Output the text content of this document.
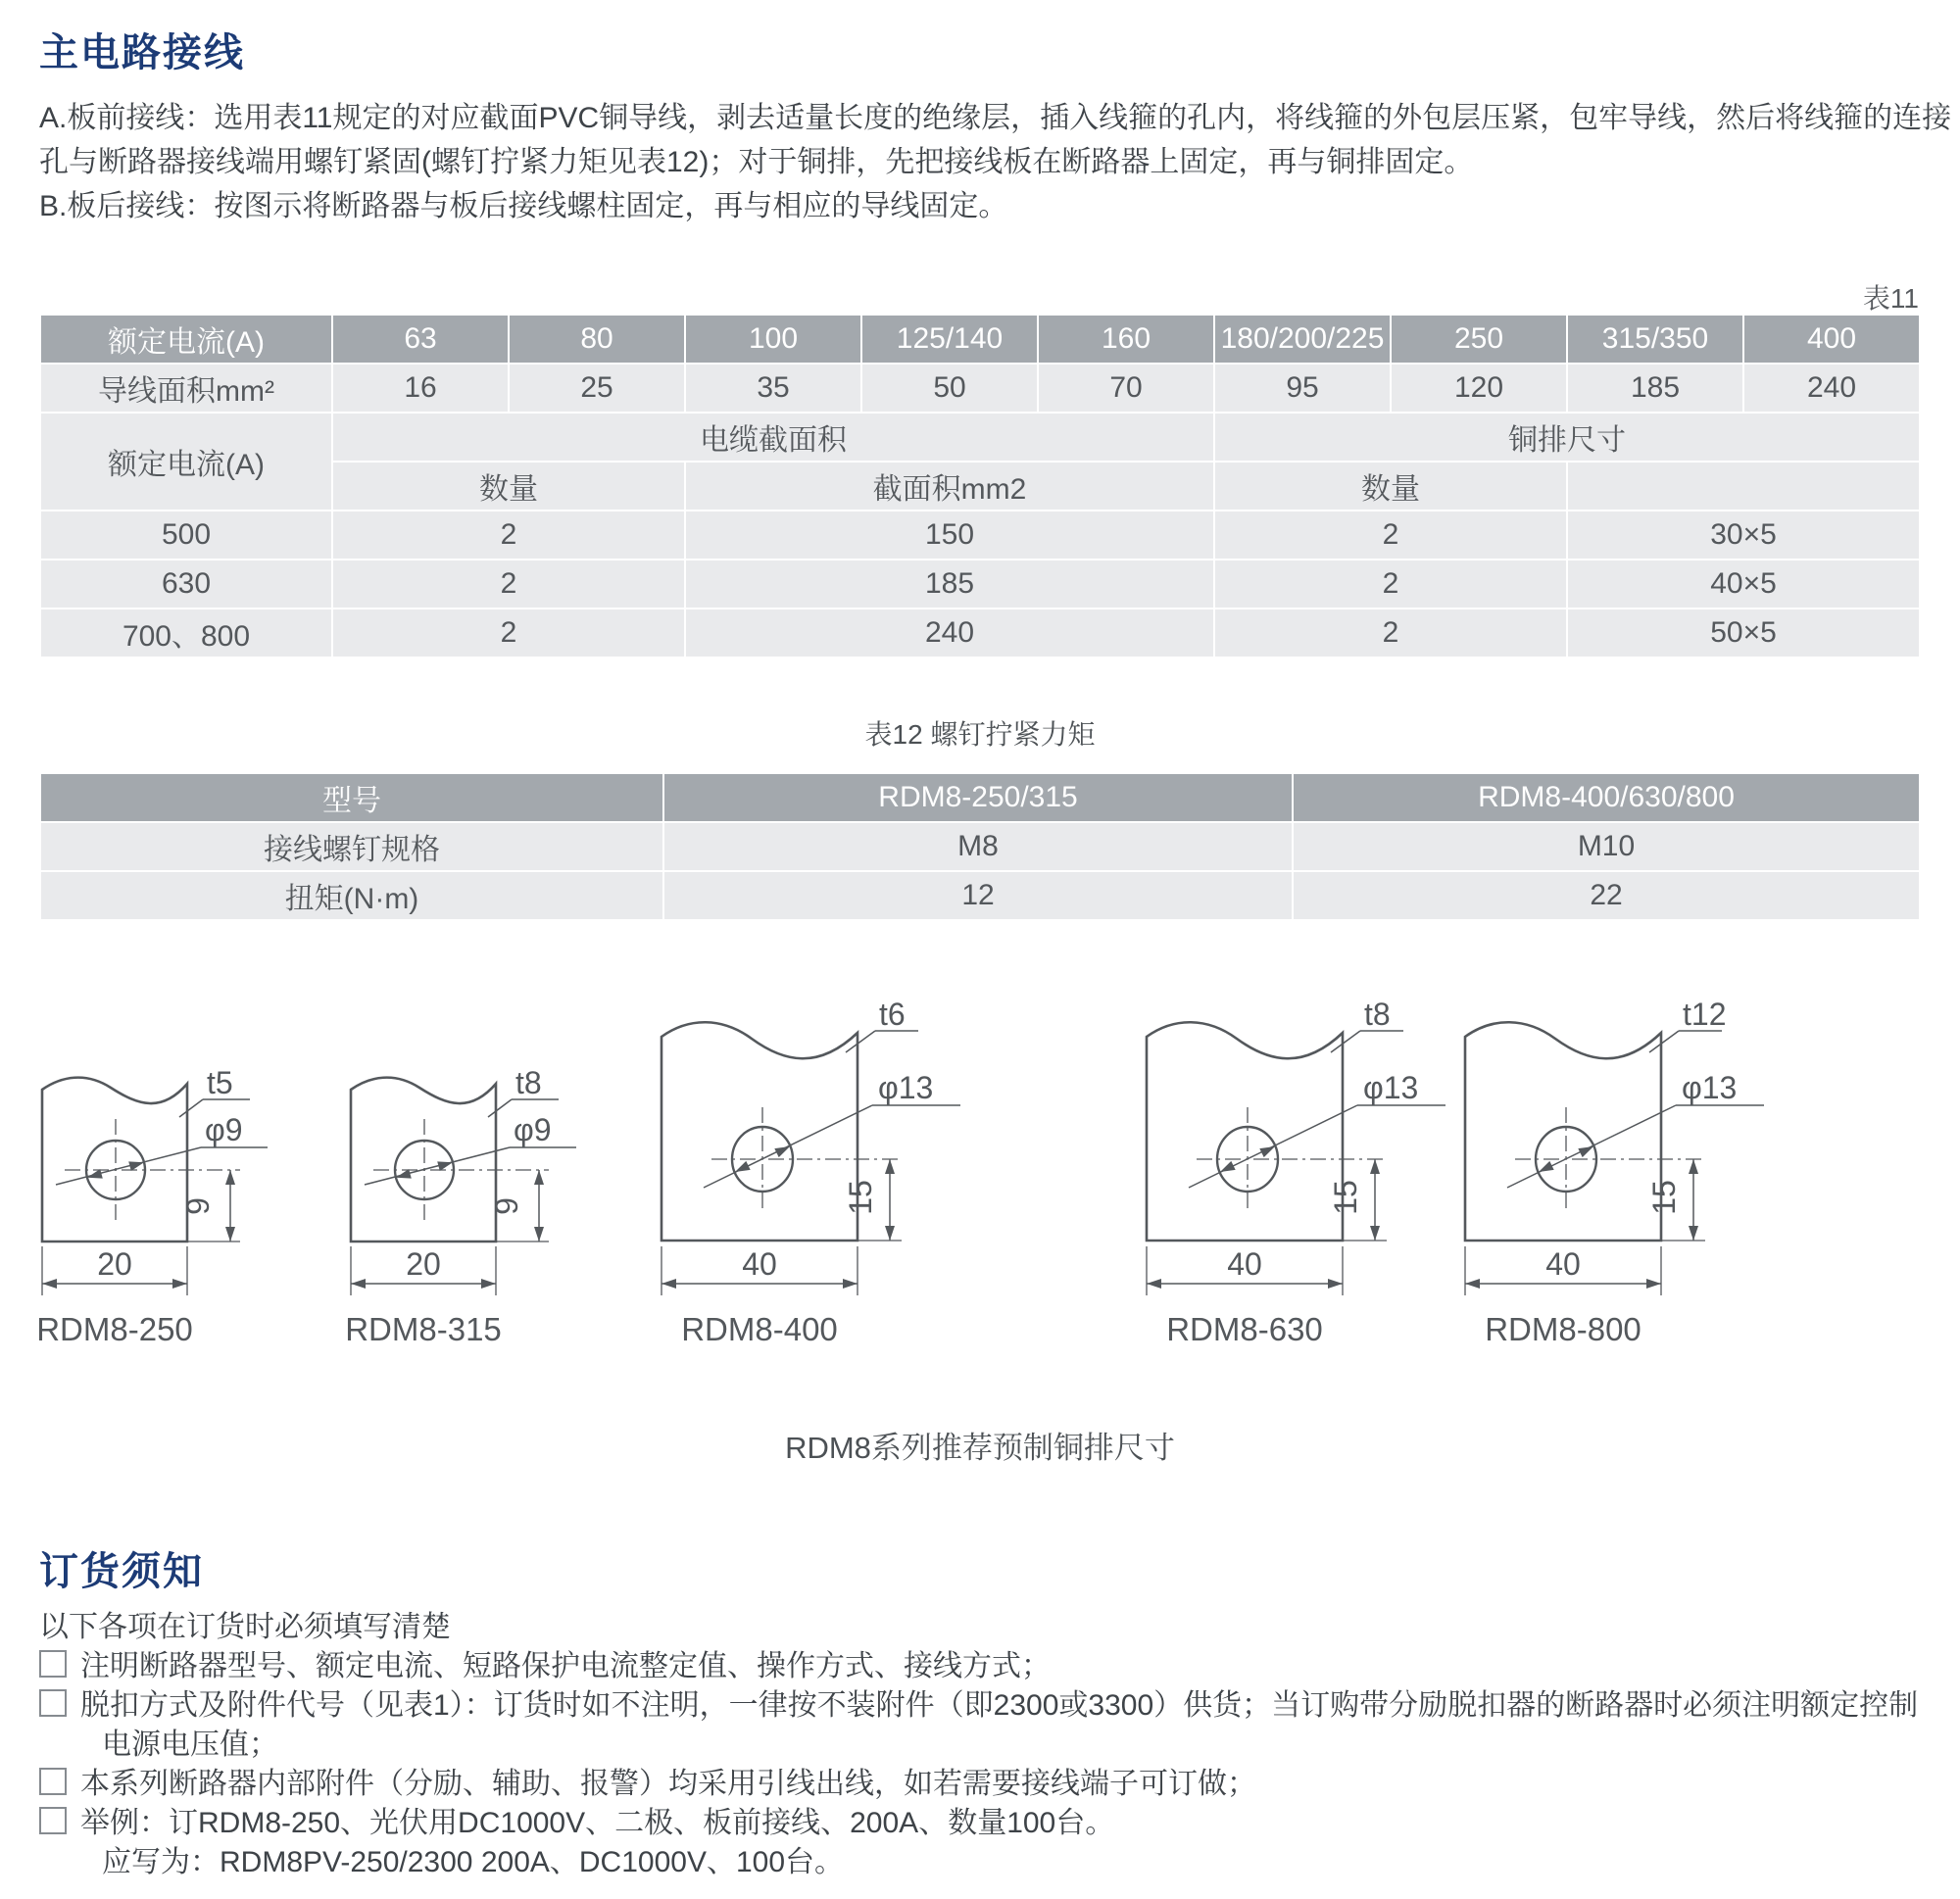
主电路接线
A.板前接线：选用表11规定的对应截面PVC铜导线，剥去适量长度的绝缘层，插入线箍的孔内，将线箍的外包层压紧，包牢导线，然后将线箍的连接
孔与断路器接线端用螺钉紧固(螺钉拧紧力矩见表12)；对于铜排，先把接线板在断路器上固定，再与铜排固定。
B.板后接线：按图示将断路器与板后接线螺柱固定，再与相应的导线固定。
表11
额定电流(A)	63	80	100	125/140	160	180/200/225	250	315/350	400
导线面积mm²	16	25	35	50	70	95	120	185	240
额定电流(A)	电缆截面积					铜排尺寸			
	数量		截面积mm2			数量			
500	2		150			2		30×5	
630	2		185			2		40×5	
700、800	2		240			2		50×5	
表12 螺钉拧紧力矩
型号	RDM8-250/315	RDM8-400/630/800
接线螺钉规格	M8	M10
扭矩(N·m)	12	22
φ9
t5
9
20
RDM8-250
φ9
t8
9
20
RDM8-315
φ13
t6
15
40
RDM8-400
φ13
t8
15
40
RDM8-630
φ13
t12
15
40
RDM8-800
RDM8系列推荐预制铜排尺寸
订货须知
以下各项在订货时必须填写清楚
注明断路器型号、额定电流、短路保护电流整定值、操作方式、接线方式；
脱扣方式及附件代号（见表1）：订货时如不注明，一律按不装附件（即2300或3300）供货；当订购带分励脱扣器的断路器时必须注明额定控制
电源电压值；
本系列断路器内部附件（分励、辅助、报警）均采用引线出线，如若需要接线端子可订做；
举例：订RDM8-250、光伏用DC1000V、二极、板前接线、200A、数量100台。
应写为：RDM8PV-250/2300 200A、DC1000V、100台。
